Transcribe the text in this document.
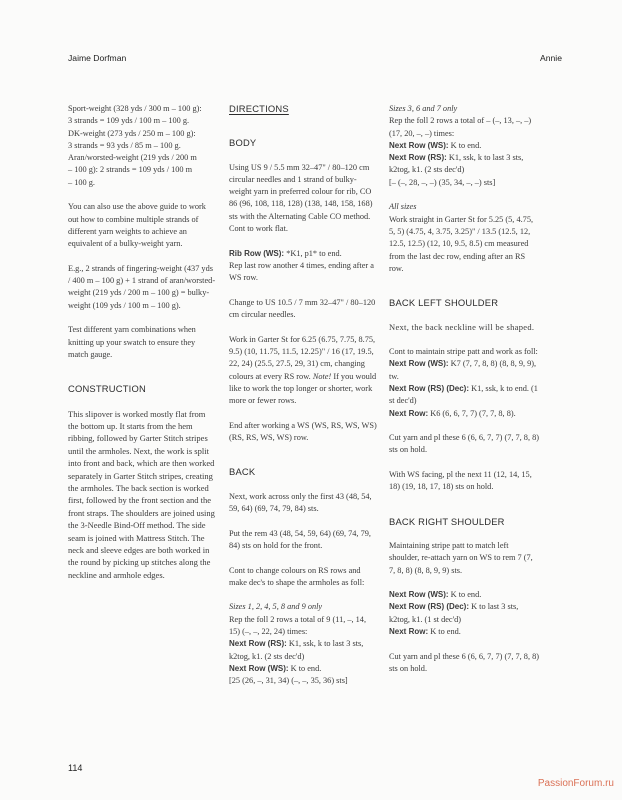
Jaime Dorfman	Annie

Sport-weight (328 yds / 300 m – 100 g):
3 strands = 109 yds / 100 m – 100 g.
DK-weight (273 yds / 250 m – 100 g):
3 strands = 93 yds / 85 m – 100 g.
Aran/worsted-weight (219 yds / 200 m
– 100 g): 2 strands = 109 yds / 100 m
– 100 g.

You can also use the above guide to work out how to combine multiple strands of different yarn weights to achieve an equivalent of a bulky-weight yarn.

E.g., 2 strands of fingering-weight (437 yds / 400 m – 100 g) + 1 strand of aran/worsted-weight (219 yds / 200 m – 100 g) = bulky-weight (109 yds / 100 m – 100 g).

Test different yarn combinations when knitting up your swatch to ensure they match gauge.

CONSTRUCTION

This slipover is worked mostly flat from the bottom up. It starts from the hem ribbing, followed by Garter Stitch stripes until the armholes. Next, the work is split into front and back, which are then worked separately in Garter Stitch stripes, creating the armholes. The back section is worked first, followed by the front section and the front straps. The shoulders are joined using the 3-Needle Bind-Off method. The side seam is joined with Mattress Stitch. The neck and sleeve edges are both worked in the round by picking up stitches along the neckline and armhole edges.

DIRECTIONS
BODY

Using US 9 / 5.5 mm 32–47" / 80–120 cm circular needles and 1 strand of bulky-weight yarn in preferred colour for rib, CO 86 (96, 108, 118, 128) (138, 148, 158, 168) sts with the Alternating Cable CO method. Cont to work flat.

Rib Row (WS): *K1, p1* to end.
Rep last row another 4 times, ending after a WS row.

Change to US 10.5 / 7 mm 32–47" / 80–120 cm circular needles.

Work in Garter St for 6.25 (6.75, 7.75, 8.75, 9.5) (10, 11.75, 11.5, 12.25)" / 16 (17, 19.5, 22, 24) (25.5, 27.5, 29, 31) cm, changing colours at every RS row. Note! If you would like to work the top longer or shorter, work more or fewer rows.

End after working a WS (WS, RS, WS, WS) (RS, RS, WS, WS) row.

BACK

Next, work across only the first 43 (48, 54, 59, 64) (69, 74, 79, 84) sts.

Put the rem 43 (48, 54, 59, 64) (69, 74, 79, 84) sts on hold for the front.

Cont to change colours on RS rows and make dec's to shape the armholes as foll:

Sizes 1, 2, 4, 5, 8 and 9 only
Rep the foll 2 rows a total of 9 (11, –, 14, 15) (–, –, 22, 24) times:
Next Row (RS): K1, ssk, k to last 3 sts, k2tog, k1. (2 sts dec'd)
Next Row (WS): K to end.
[25 (26, –, 31, 34) (–, –, 35, 36) sts]

Sizes 3, 6 and 7 only
Rep the foll 2 rows a total of – (–, 13, –, –) (17, 20, –, –) times:
Next Row (WS): K to end.
Next Row (RS): K1, ssk, k to last 3 sts, k2tog, k1. (2 sts dec'd)
[– (–, 28, –, –) (35, 34, –, –) sts]

All sizes
Work straight in Garter St for 5.25 (5, 4.75, 5, 5) (4.75, 4, 3.75, 3.25)" / 13.5 (12.5, 12, 12.5, 12.5) (12, 10, 9.5, 8.5) cm measured from the last dec row, ending after an RS row.

BACK LEFT SHOULDER

Next, the back neckline will be shaped.

Cont to maintain stripe patt and work as foll:
Next Row (WS): K7 (7, 7, 8, 8) (8, 8, 9, 9), tw.
Next Row (RS) (Dec): K1, ssk, k to end. (1 st dec'd)
Next Row: K6 (6, 6, 7, 7) (7, 7, 8, 8).

Cut yarn and pl these 6 (6, 6, 7, 7) (7, 7, 8, 8) sts on hold.

With WS facing, pl the next 11 (12, 14, 15, 18) (19, 18, 17, 18) sts on hold.

BACK RIGHT SHOULDER

Maintaining stripe patt to match left shoulder, re-attach yarn on WS to rem 7 (7, 7, 8, 8) (8, 8, 9, 9) sts.

Next Row (WS): K to end.
Next Row (RS) (Dec): K to last 3 sts, k2tog, k1. (1 st dec'd)
Next Row: K to end.

Cut yarn and pl these 6 (6, 6, 7, 7) (7, 7, 8, 8) sts on hold.

114
PassionForum.ru
